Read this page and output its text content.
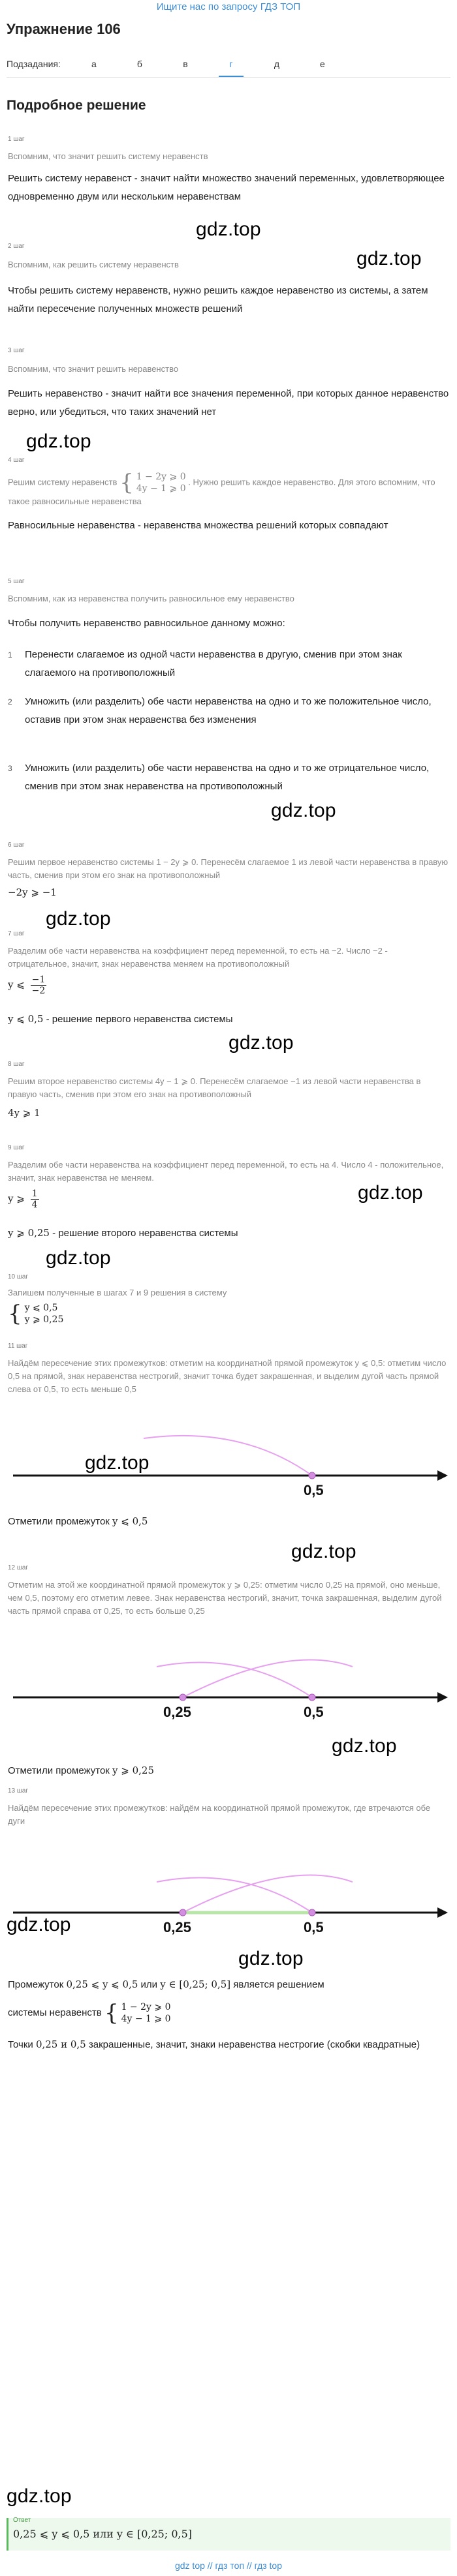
Ищите нас по запросу ГДЗ ТОП
Упражнение 106
Подзадания:	а	б	в	г	д	е
Подробное решение
1 шаг
Вспомним, что значит решить систему неравенств
Решить систему неравенст - значит найти множество значений переменных, удовлетворяющее одновременно двум или нескольким неравенствам
gdz.top
2 шаг
Вспомним, как решить систему неравенств	gdz.top
Чтобы решить систему неравенств, нужно решить каждое неравенство из системы, а затем найти пересечение полученных множеств решений
3 шаг
Вспомним, что значит решить неравенство
Решить неравенство - значит найти все значения переменной, при которых данное неравенство верно, или убедиться, что таких значений нет
gdz.top
4 шаг
Решим систему неравенств { 1 − 2y ⩾ 0
4y − 1 ⩾ 0
. Нужно решить каждое неравенство. Для этого вспомним, что такое равносильные неравенства
Равносильные неравенства - неравенства множества решений которых совпадают
5 шаг
Вспомним, как из неравенства получить равносильное ему неравенство
Чтобы получить неравенство равносильное данному можно:
1	Перенести слагаемое из одной части неравенства в другую, сменив при этом знак слагаемого на противоположный
2	Умножить (или разделить) обе части неравенства на одно и то же положительное число, оставив при этом знак неравенства без изменения
3	Умножить (или разделить) обе части неравенства на одно и то же отрицательное число, сменив при этом знак неравенства на противоположный
gdz.top
6 шаг
Решим первое неравенство системы 1 − 2y ⩾ 0. Перенесём слагаемое 1 из левой части неравенства в правую часть, сменив при этом его знак на противоположный
−2y ⩾ −1
gdz.top
7 шаг
Разделим обе части неравенства на коэффициент перед переменной, то есть на −2. Число −2 - отрицательное, значит, знак неравенства меняем на противоположный
y ⩽ $\frac{-1}{-2}$
y ⩽ 0,5 - решение первого неравенства системы
gdz.top
8 шаг
Решим второе неравенство системы 4y − 1 ⩾ 0. Перенесём слагаемое −1 из левой части неравенства в правую часть, сменив при этом его знак на противоположный
4y ⩾ 1
9 шаг
Разделим обе части неравенства на коэффициент перед переменной, то есть на 4. Число 4 - положительное, значит, знак неравенства не меняем.
gdz.top
y ⩾ $\frac{1}{4}$
y ⩾ 0,25 - решение второго неравенства системы
gdz.top
10 шаг
Запишем полученные в шагах 7 и 9 решения в систему
{ y ⩽ 0,5
y ⩾ 0,25
11 шаг
Найдём пересечение этих промежутков: отметим на координатной прямой промежуток y ⩽ 0,5: отметим число 0,5 на прямой, знак неравенства нестрогий, значит точка будет закрашенная, и выделим дугой часть прямой слева от 0,5, то есть меньше 0,5
0,5
gdz.top
Отметили промежуток y ⩽ 0,5
gdz.top
12 шаг
Отметим на этой же координатной прямой промежуток y ⩾ 0,25: отметим число 0,25 на прямой, оно меньше, чем 0,5, поэтому его отметим левее. Знак неравенства нестрогий, значит, точка закрашенная, выделим дугой часть прямой справа от 0,25, то есть больше 0,25
0,25	0,5
gdz.top
Отметили промежуток y ⩾ 0,25
13 шаг
Найдём пересечение этих промежутков: найдём на координатной прямой промежуток, где втречаются обе дуги
0,25	0,5
gdz.top
gdz.top
Промежуток 0,25 ⩽ y ⩽ 0,5 или y ∈ [0,25; 0,5] является решением
системы неравенств { 1 − 2y ⩾ 0
4y − 1 ⩾ 0
Точки 0,25 и 0,5 закрашенные, значит, знаки неравенства нестрогие (скобки квадратные)
gdz.top
Ответ
0,25 ⩽ y ⩽ 0,5 или y ∈ [0,25; 0,5]
gdz top // гдз топ // гдз top
